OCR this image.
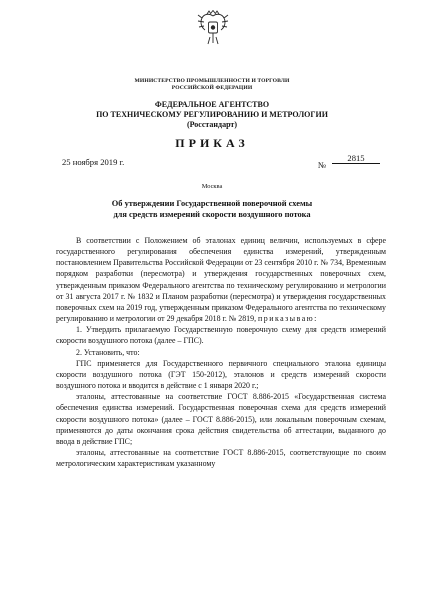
МИНИСТЕРСТВО ПРОМЫШЛЕННОСТИ И ТОРГОВЛИ
РОССИЙСКОЙ ФЕДЕРАЦИИ
ФЕДЕРАЛЬНОЕ АГЕНТСТВО
ПО ТЕХНИЧЕСКОМУ РЕГУЛИРОВАНИЮ И МЕТРОЛОГИИ
(Росстандарт)
ПРИКАЗ
25 ноября 2019 г.	№
2815
Москва
Об утверждении Государственной поверочной схемы
для средств измерений скорости воздушного потока

В соответствии с Положением об эталонах единиц величин, используемых в сфере государственного регулирования обеспечения единства измерений, утвержденным постановлением Правительства Российской Федерации от 23 сентября 2010 г. № 734, Временным порядком разработки (пересмотра) и утверждения государственных поверочных схем, утвержденным приказом Федерального агентства по техническому регулированию и метрологии от 31 августа 2017 г. № 1832 и Планом разработки (пересмотра) и утверждения государственных поверочных схем на 2019 год, утвержденным приказом Федерального агентства по техническому регулированию и метрологии от 29 декабря 2018 г. № 2819, приказываю:

1. Утвердить прилагаемую Государственную поверочную схему для средств измерений скорости воздушного потока (далее – ГПС).

2. Установить, что:

ГПС применяется для Государственного первичного специального эталона единицы скорости воздушного потока (ГЭТ 150-2012), эталонов и средств измерений скорости воздушного потока и вводится в действие с 1 января 2020 г.;

эталоны, аттестованные на соответствие ГОСТ 8.886-2015 «Государственная система обеспечения единства измерений. Государственная поверочная схема для средств измерений скорости воздушного потока» (далее – ГОСТ 8.886-2015), или локальным поверочным схемам, применяются до даты окончания срока действия свидетельства об аттестации, выданного до ввода в действие ГПС;

эталоны, аттестованные на соответствие ГОСТ 8.886-2015, соответствующие по своим метрологическим характеристикам указанному
